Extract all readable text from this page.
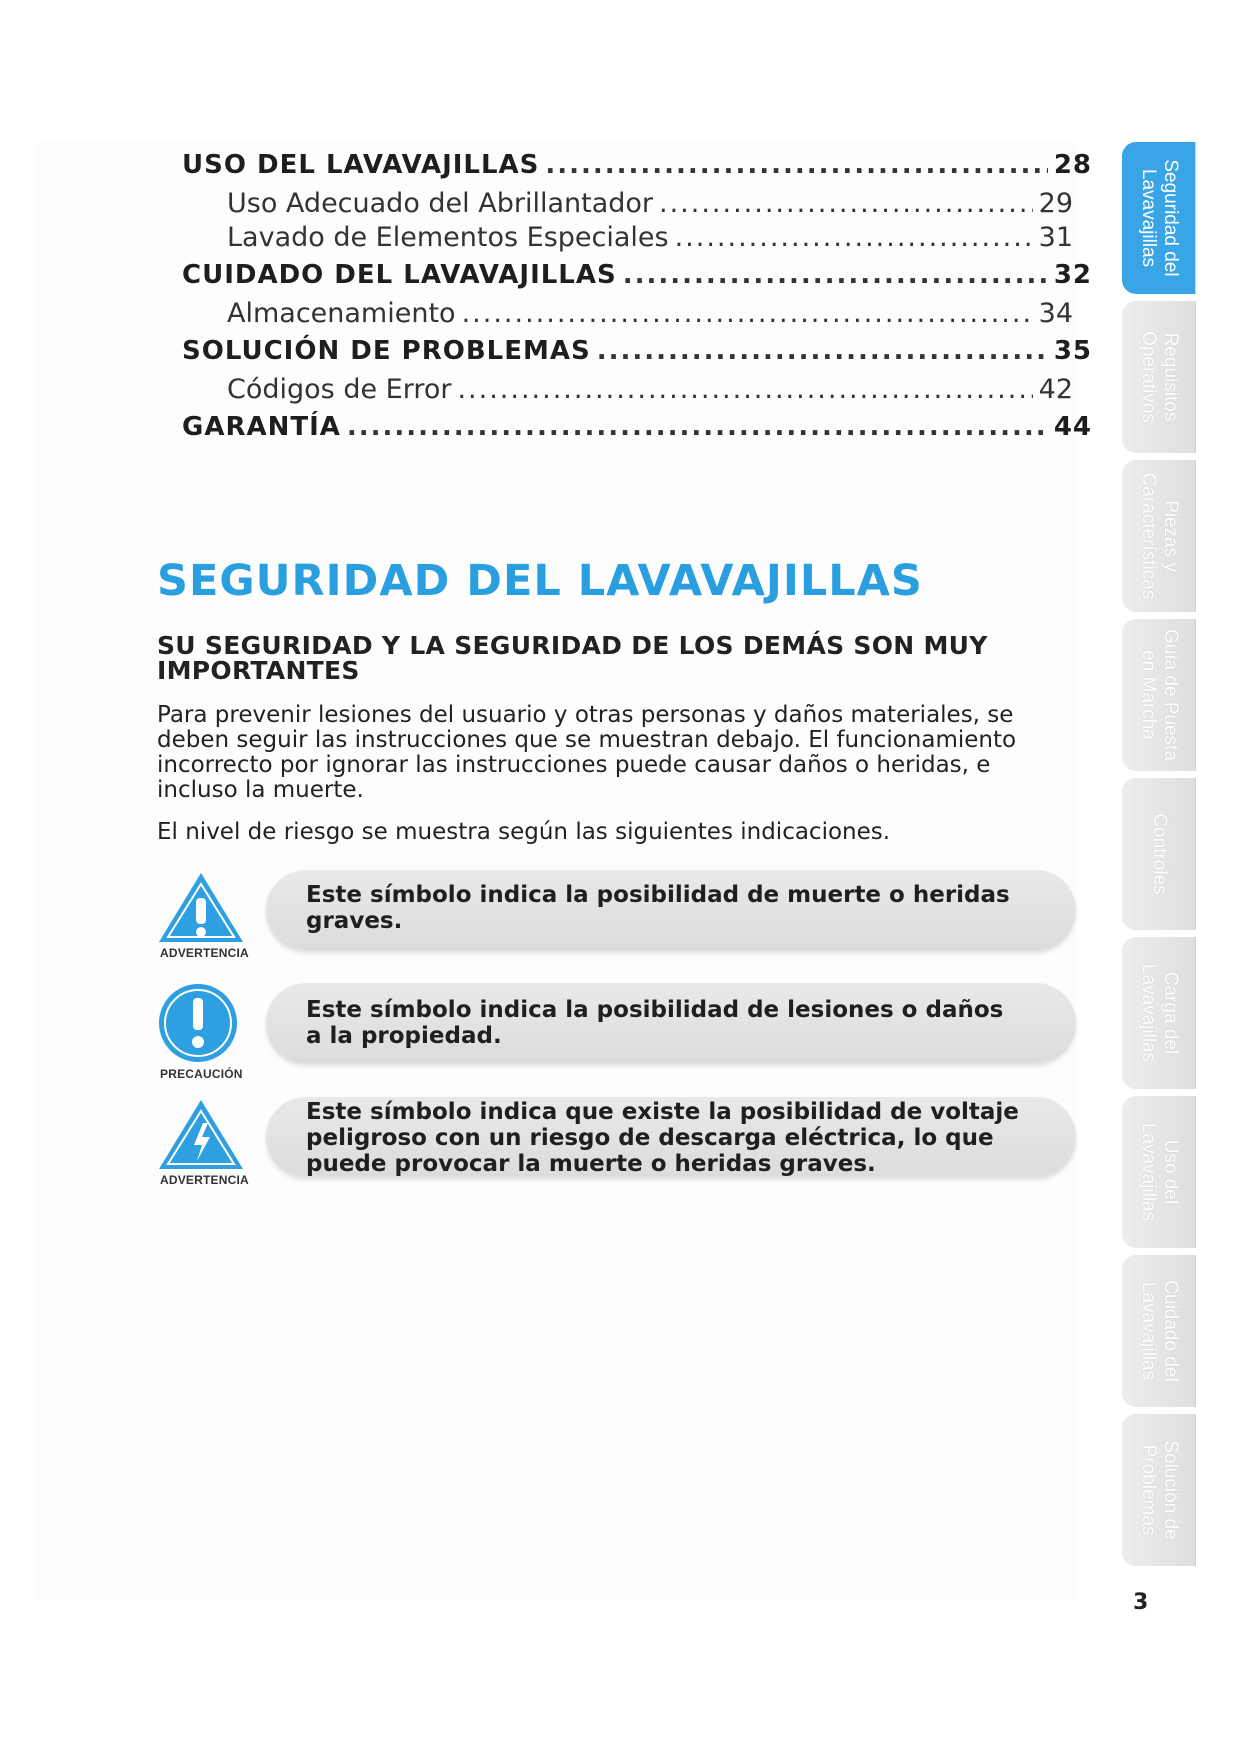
USO DEL LAVAVAJILLAS .....	28
Uso Adecuado del Abrillantador .....	29
Lavado de Elementos Especiales .....	31
CUIDADO DEL LAVAVAJILLAS .....	32
Almacenamiento .....	34
SOLUCIÓN DE PROBLEMAS .....	35
Códigos de Error .....	42
GARANTÍA .....	44
SEGURIDAD DEL LAVAVAJILLAS
SU SEGURIDAD Y LA SEGURIDAD DE LOS DEMÁS SON MUY IMPORTANTES

Para prevenir lesiones del usuario y otras personas y daños materiales, se deben seguir las instrucciones que se muestran debajo. El funcionamiento incorrecto por ignorar las instrucciones puede causar daños o heridas, e incluso la muerte.

El nivel de riesgo se muestra según las siguientes indicaciones.

ADVERTENCIA
Este símbolo indica la posibilidad de muerte o heridas graves.
PRECAUCIÓN
Este símbolo indica la posibilidad de lesiones o daños a la propiedad.
ADVERTENCIA
Este símbolo indica que existe la posibilidad de voltaje peligroso con un riesgo de descarga eléctrica, lo que puede provocar la muerte o heridas graves.
Seguridad del
Lavavajillas
Requisitos
Operativos
Piezas y
Características
Guía de Puesta
en Marcha
Controles
Carga del
Lavavajillas
Uso del
Lavavajillas
Cuidado del
Lavavajillas
Solución de
Problemas
3
